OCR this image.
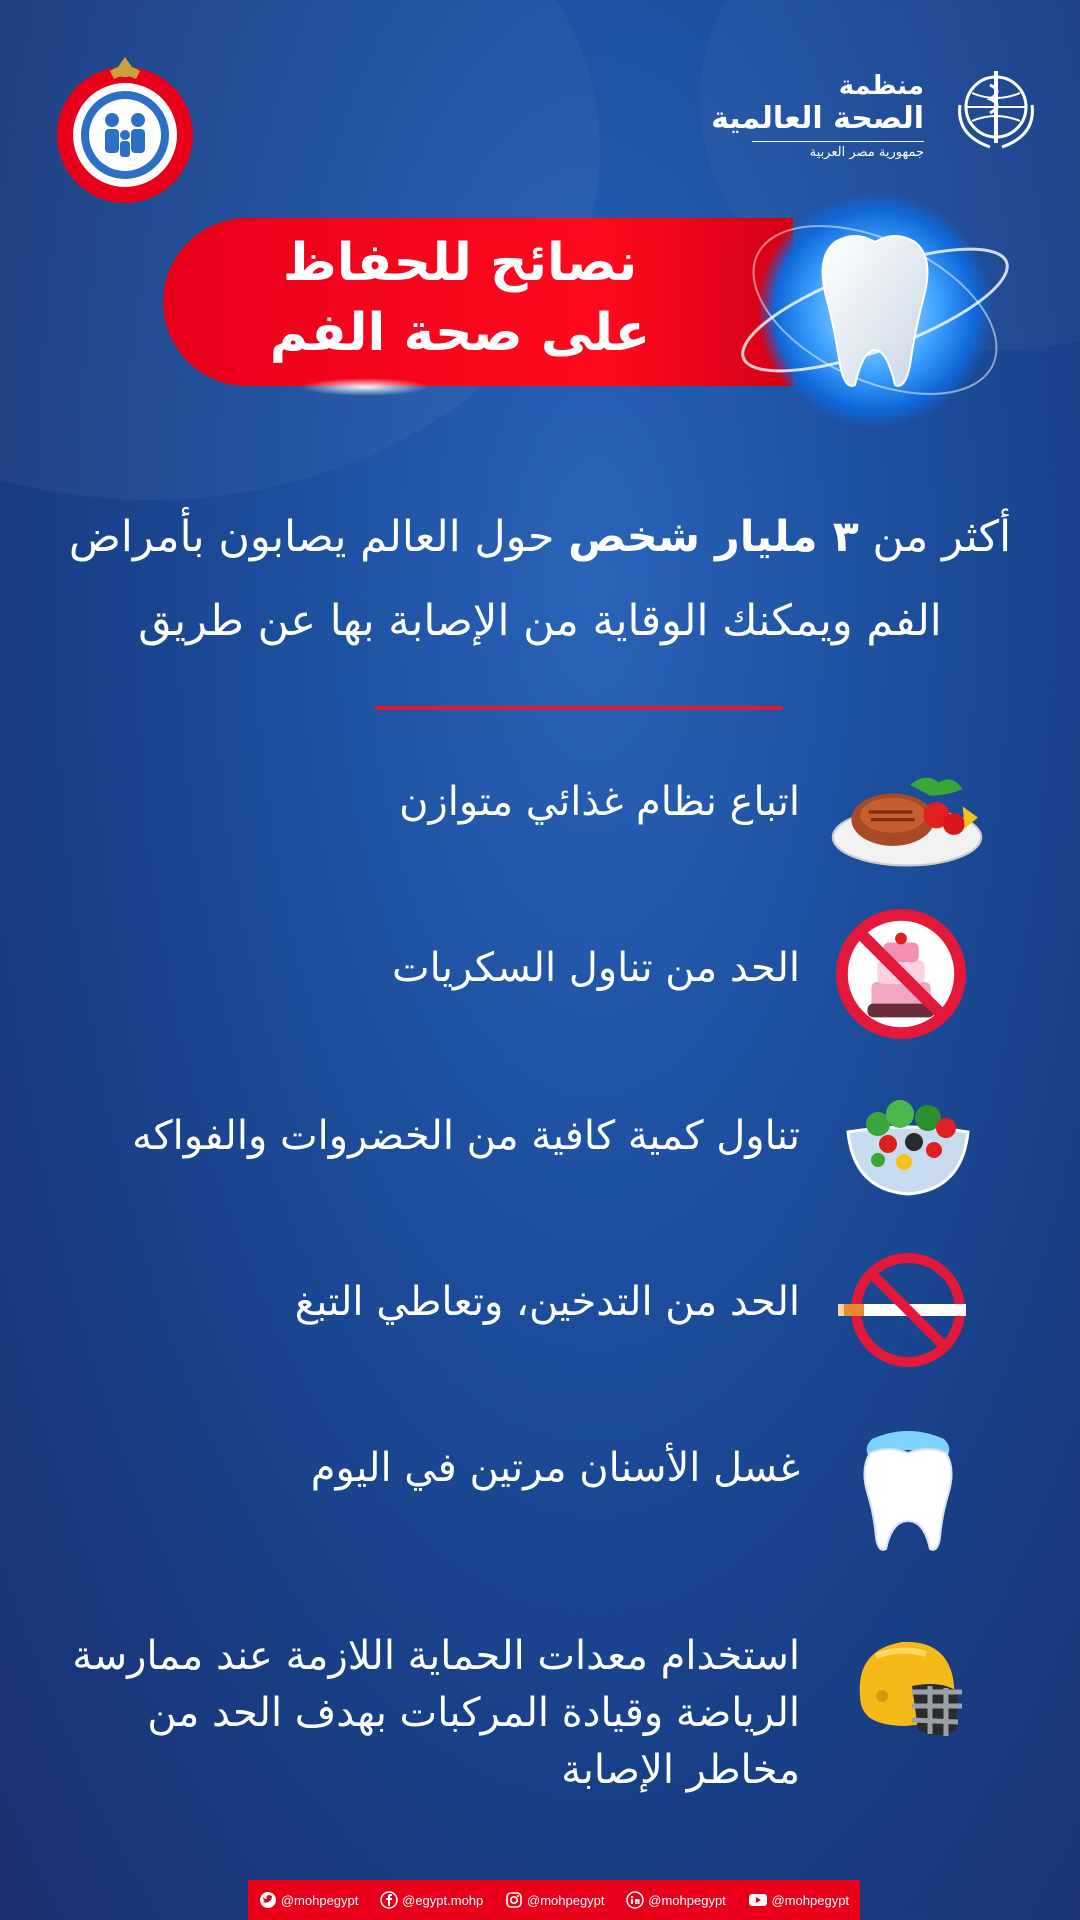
منظمة
الصحة العالمية
جمهورية مصر العربية
نصائح للحفاظ
على صحة الفم
أكثر من ٣ مليار شخص حول العالم يصابون بأمراض الفم ويمكنك الوقاية من الإصابة بها عن طريق
اتباع نظام غذائي متوازن
الحد من تناول السكريات
تناول كمية كافية من الخضروات والفواكه
الحد من التدخين، وتعاطي التبغ
غسل الأسنان مرتين في اليوم
استخدام معدات الحماية اللازمة عند ممارسة
الرياضة وقيادة المركبات بهدف الحد من
مخاطر الإصابة
@mohpegypt	@egypt.mohp	@mohpegypt	@mohpegypt	@mohpegypt
